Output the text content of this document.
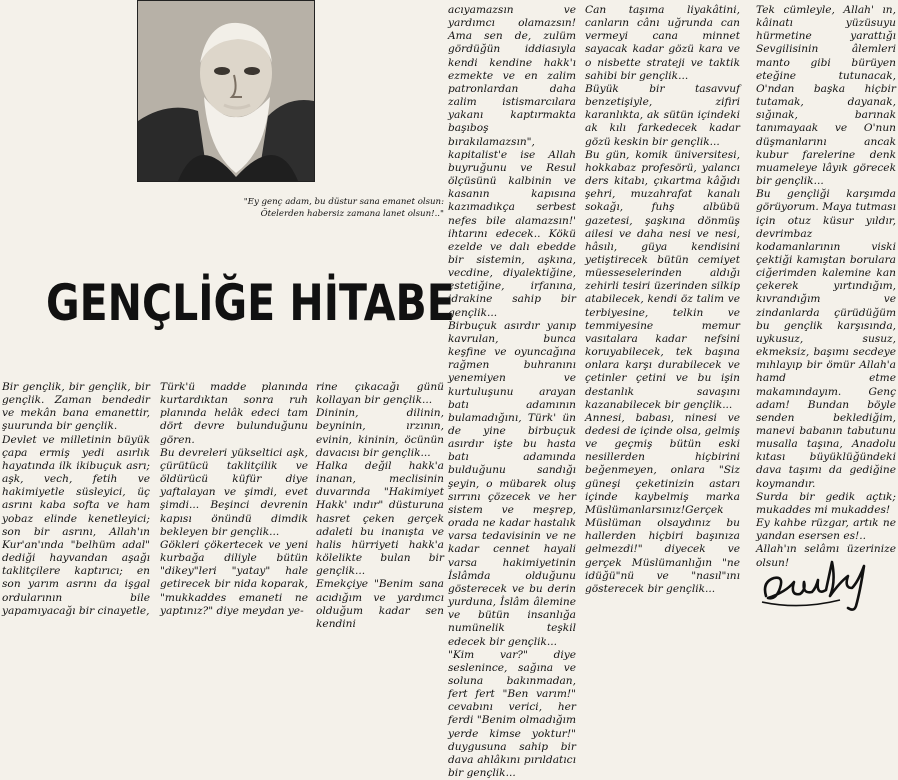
"Ey genç adam, bu düstur sana emanet olsun:
Ötelerden habersiz zamana lanet olsun!.."
GENÇLİĞE HİTABE
Bir gençlik, bir gençlik, bir gençlik. Zaman bendedir ve mekân bana emanettir, şuurunda bir gençlik.
Devlet ve milletinin büyük çapa ermiş yedi asırlık hayatında ilk ikibuçuk asrı; aşk, vech, fetih ve hakimiyetle süsleyici, üç asrını kaba softa ve ham yobaz elinde kenetleyici; son bir asrını, Allah'ın Kur'an'ında "belhüm adal" dediği hayvandan aşağı taklitçilere kaptırıcı; en son yarım asrını da işgal ordularının bile yapamıyacağı bir cinayetle,
Türk'ü madde planında kurtardıktan sonra ruh planında helâk edeci tam dört devre bulunduğunu gören.
Bu devreleri yükseltici aşk, çürütücü taklitçilik ve öldürücü küfür diye yaftalayan ve şimdi, evet şimdi... Beşinci devrenin kapısı önündü dimdik bekleyen bir gençlik...
Gökleri çökertecek ve yeni kurbağa diliyle bütün "dikey"leri "yatay" hale getirecek bir nida koparak, "mukkaddes emaneti ne yaptınız?" diye meydan ye-
rine çıkacağı günü kollayan bir gençlik...
Dininin, dilinin, beyninin, ırzının, evinin, kininin, öcünün davacısı bir gençlik...
Halka değil hakk'a inanan, meclisinin duvarında "Hakimiyet Hakk' ındır" düsturuna hasret çeken gerçek adaleti bu inanışta ve halis hürriyeti hakk'a kölelikte bulan bir gençlik...
Emekçiye "Benim sana acıdığım ve yardımcı olduğum kadar sen kendini
acıyamazsın ve yardımcı olamazsın! Ama sen de, zulüm gördüğün iddiasıyla kendi kendine hakk'ı ezmekte ve en zalim patronlardan daha zalim istismarcılara yakanı kaptırmakta başıboş bırakılamazsın", kapitalist'e ise Allah buyruğunu ve Resul ölçüsünü kalbinin ve kasanın kapısına kazımadıkça serbest nefes bile alamazsın!' ihtarını edecek.. Kökü ezelde ve dalı ebedde bir sistemin, aşkına, vecdine, diyalektiğine, estetiğine, irfanına, idrakine sahip bir gençlik...
Birbuçuk asırdır yanıp kavrulan, bunca keşfine ve oyuncağına rağmen buhranını yenemiyen ve kurtuluşunu arayan batı adamının bulamadığını, Türk' ün de yine birbuçuk asırdır işte bu hasta batı adamında bulduğunu sandığı şeyin, o mübarek oluş sırrını çözecek ve her sistem ve meşrep, orada ne kadar hastalık varsa tedavisinin ve ne kadar cennet hayali varsa hakimiyetinin İslâmda olduğunu gösterecek ve bu derin yurduna, İslâm âlemine ve bütün insanlığa numünelik teşkil edecek bir gençlik...
"Kim var?" diye seslenince, sağına ve soluna bakınmadan, fert fert "Ben varım!" cevabını verici, her ferdi "Benim olmadığım yerde kimse yoktur!" duygusuna sahip bir dava ahlâkını pırıldatıcı bir gençlik...
Can taşıma liyakâtini, canların cânı uğrunda can vermeyi cana minnet sayacak kadar gözü kara ve o nisbette strateji ve taktik sahibi bir gençlik...
Büyük bir tasavvuf benzetişiyle, zifiri karanlıkta, ak sütün içindeki ak kılı farkedecek kadar gözü keskin bir gençlik...
Bu gün, komik üniversitesi, hokkabaz profesörü, yalancı ders kitabı, çıkartma kâğıdı şehri, muzahrafat kanalı sokağı, fuhş albübü gazetesi, şaşkına dönmüş ailesi ve daha nesi ve nesi, hâsılı, güya kendisini yetiştirecek bütün cemiyet müesseselerinden aldığı zehirli tesiri üzerinden silkip atabilecek, kendi öz talim ve terbiyesine, telkin ve temmiyesine memur vasıtalara kadar nefsini koruyabilecek, tek başına onlara karşı durabilecek ve çetinler çetini ve bu işin destanlık savaşını kazanabilecek bir gençlik...
Annesi, babası, ninesi ve dedesi de içinde olsa, gelmiş ve geçmiş bütün eski nesillerden hiçbirini beğenmeyen, onlara "Siz güneşi çeketinizin astarı içinde kaybelmiş marka Müslümanlarsınız!Gerçek Müslüman olsaydınız bu hallerden hiçbiri başınıza gelmezdi!" diyecek ve gerçek Müslümanlığın "ne idüğü"nü ve "nasıl"ını gösterecek bir gençlik...
Tek cümleyle, Allah' ın, kâinatı yüzüsuyu hürmetine yarattığı Sevgilisinin âlemleri manto gibi bürüyen eteğine tutunacak, O'ndan başka hiçbir tutamak, dayanak, sığınak, barınak tanımayaak ve O'nun düşmanlarını ancak kubur farelerine denk muameleye lâyık görecek bir gençlik...
Bu gençliği karşımda görüyorum. Maya tutması için otuz küsur yıldır, devrimbaz kodamanlarının viski çektiği kamıştan borulara ciğerimden kalemine kan çekerek yırtındığım, kıvrandığım ve zindanlarda çürüdüğüm bu gençlik karşısında, uykusuz, susuz, ekmeksiz, başımı secdeye mıhlayıp bir ömür Allah'a hamd etme makamındayım. Genç adam! Bundan böyle senden beklediğim, manevi babanın tabutunu musalla taşına, Anadolu kıtası büyüklüğündeki dava taşımı da gediğine koymandır.
Surda bir gedik açtık; mukaddes mi mukaddes!
Ey kahbe rüzgar, artık ne yandan esersen es!..
Allah'ın selâmı üzerinize olsun!
